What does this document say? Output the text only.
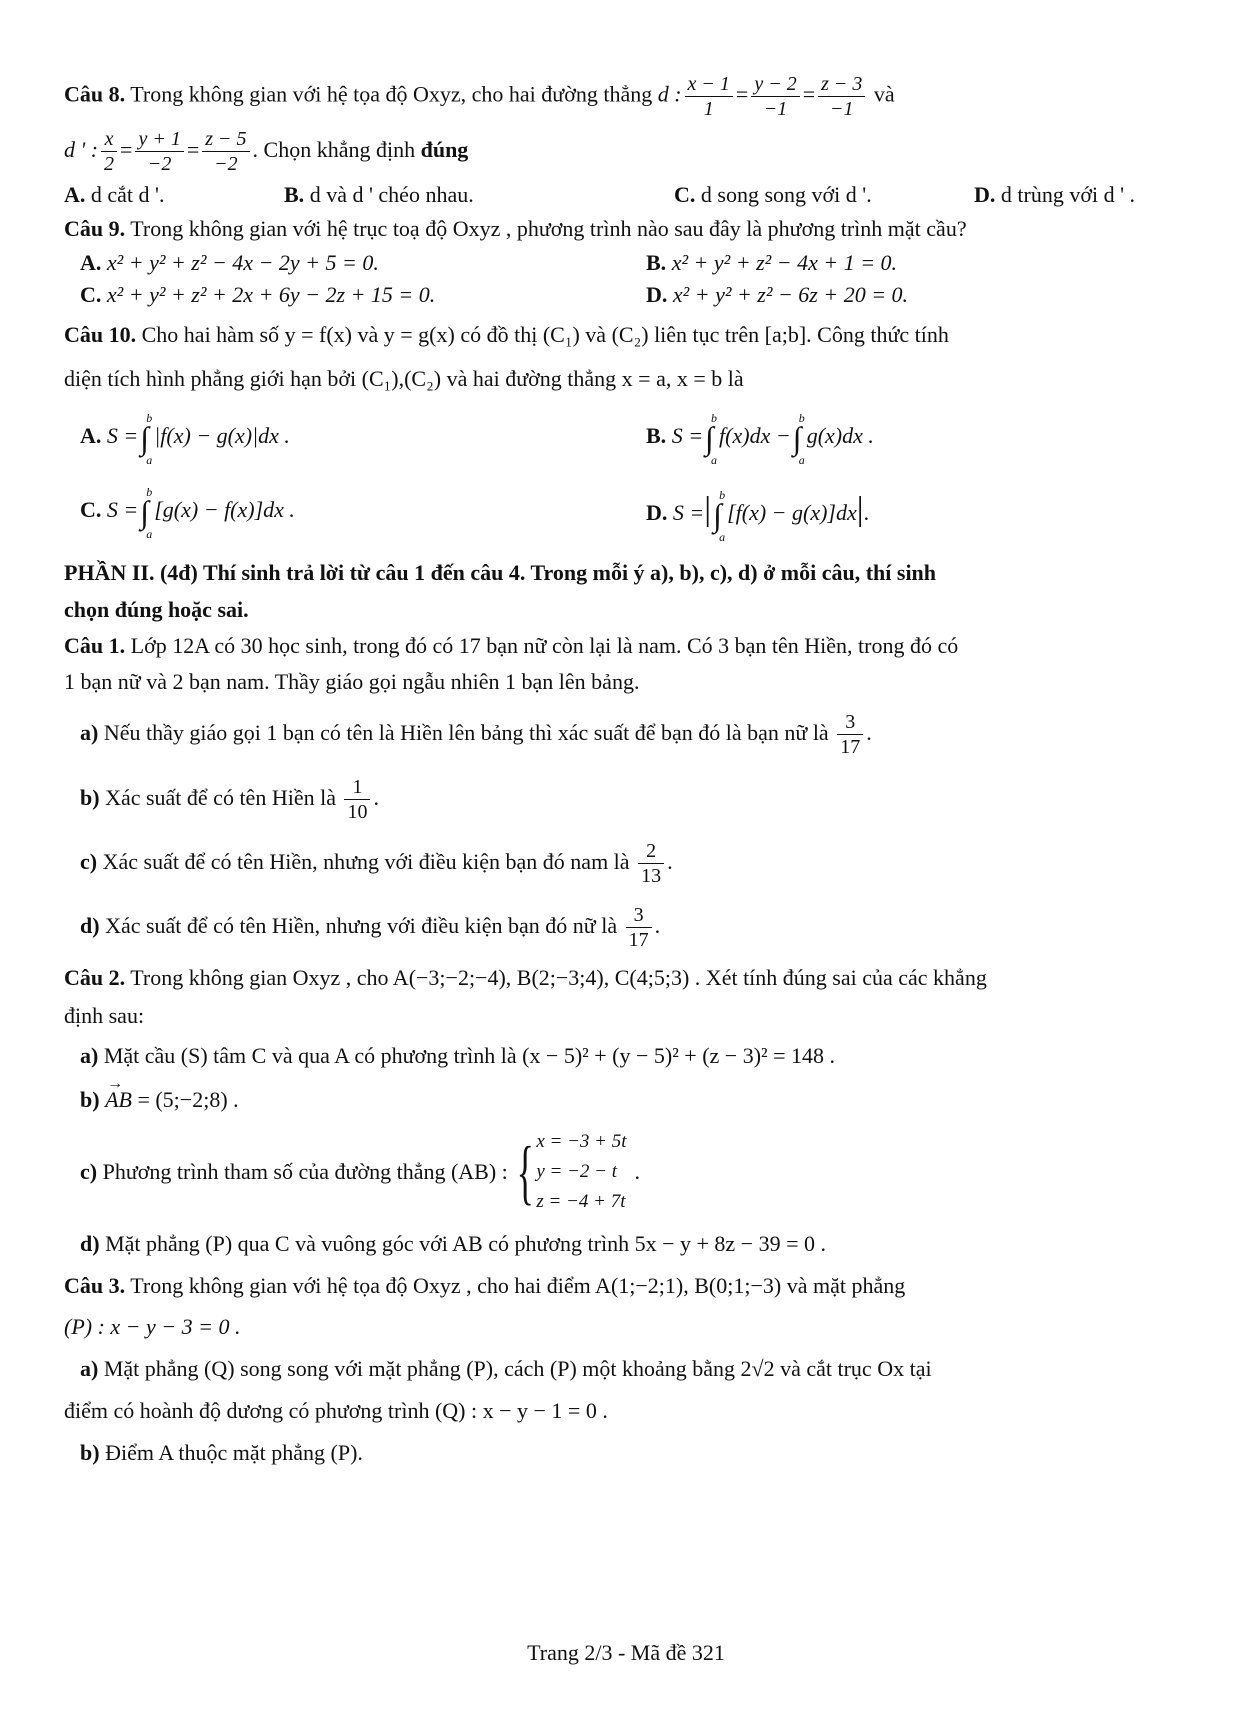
Câu 8. Trong không gian với hệ tọa độ Oxyz, cho hai đường thẳng d : $\frac{x - 1}{1} = \frac{y - 2}{-1} = \frac{z - 3}{-1}$ và

d ' : $\frac{x}{2} = \frac{y + 1}{-2} = \frac{z - 5}{-2}$ . Chọn khẳng định đúng

A. d cắt d '.	B. d và d ' chéo nhau.	C. d song song với d '.	D. d trùng với d ' .

Câu 9. Trong không gian với hệ trục toạ độ Oxyz , phương trình nào sau đây là phương trình mặt cầu?

A. x² + y² + z² − 4x − 2y + 5 = 0.	B. x² + y² + z² − 4x + 1 = 0.
C. x² + y² + z² + 2x + 6y − 2z + 15 = 0.	D. x² + y² + z² − 6z + 20 = 0.

Câu 10. Cho hai hàm số y = f(x) và y = g(x) có đồ thị (C₁) và (C₂) liên tục trên [a;b]. Công thức tính

diện tích hình phẳng giới hạn bởi (C₁),(C₂) và hai đường thẳng x = a, x = b là

A. S =∫
b
a
|f(x) − g(x)|dx .	B. S =∫
b
a
f(x)dx −∫
b
a
g(x)dx .
C. S =∫
b
a
[g(x) − f(x)]dx .	D. S =|∫
b
a
[f(x) − g(x)]dx|.

PHẦN II. (4đ) Thí sinh trả lời từ câu 1 đến câu 4. Trong mỗi ý a), b), c), d) ở mỗi câu, thí sinh

chọn đúng hoặc sai.

Câu 1. Lớp 12A có 30 học sinh, trong đó có 17 bạn nữ còn lại là nam. Có 3 bạn tên Hiền, trong đó có

1 bạn nữ và 2 bạn nam. Thầy giáo gọi ngẫu nhiên 1 bạn lên bảng.

a) Nếu thầy giáo gọi 1 bạn có tên là Hiền lên bảng thì xác suất để bạn đó là bạn nữ là $\frac{3}{17}$ .

b) Xác suất để có tên Hiền là $\frac{1}{10}$ .

c) Xác suất để có tên Hiền, nhưng với điều kiện bạn đó nam là $\frac{2}{13}$ .

d) Xác suất để có tên Hiền, nhưng với điều kiện bạn đó nữ là $\frac{3}{17}$ .

Câu 2. Trong không gian Oxyz , cho A(−3;−2;−4), B(2;−3;4), C(4;5;3) . Xét tính đúng sai của các khẳng

định sau:

a) Mặt cầu (S) tâm C và qua A có phương trình là (x − 5)² + (y − 5)² + (z − 3)² = 148 .

b) → AB = (5;−2;8) .

c)
Phương trình tham số của đường thẳng (AB) : { x = −3 + 5t
y = −2 − t
z = −4 + 7t
.

d) Mặt phẳng (P) qua C và vuông góc với AB có phương trình 5x − y + 8z − 39 = 0 .

Câu 3. Trong không gian với hệ tọa độ Oxyz , cho hai điểm A(1;−2;1), B(0;1;−3) và mặt phẳng

(P) : x − y − 3 = 0 .

a) Mặt phẳng (Q) song song với mặt phẳng (P), cách (P) một khoảng bằng 2√2 và cắt trục Ox tại

điểm có hoành độ dương có phương trình (Q) : x − y − 1 = 0 .

b) Điểm A thuộc mặt phẳng (P).

Trang 2/3 - Mã đề 321
